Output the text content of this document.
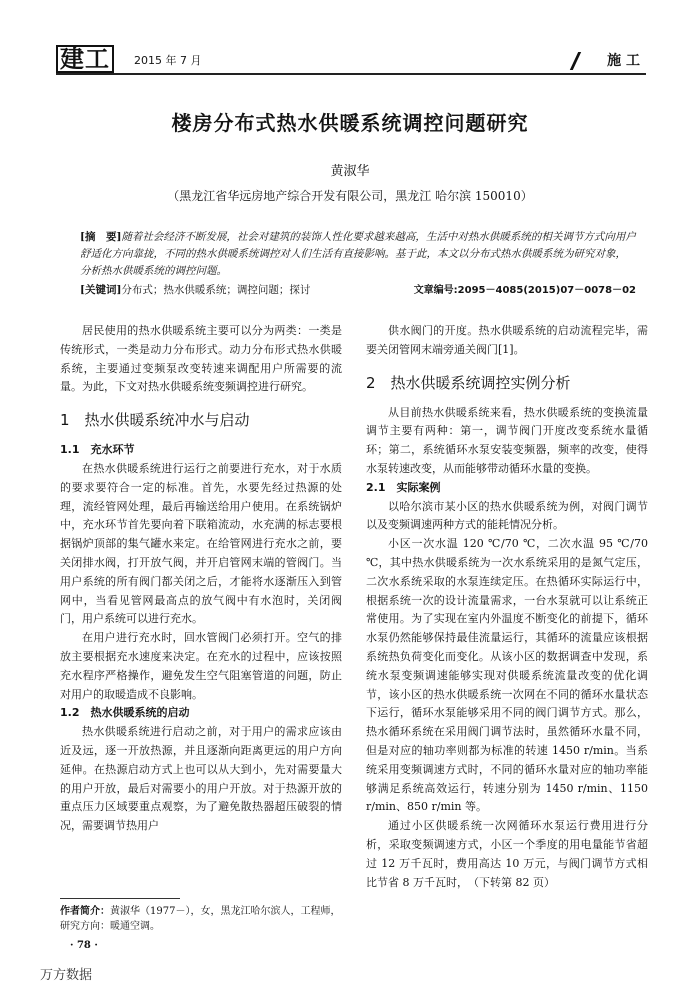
建工	2015 年 7 月	施 工
楼房分布式热水供暖系统调控问题研究
黄淑华
（黑龙江省华远房地产综合开发有限公司，黑龙江 哈尔滨 150010）
[摘　要]随着社会经济不断发展，社会对建筑的装饰人性化要求越来越高，生活中对热水供暖系统的相关调节方式向用户舒适化方向靠拢，不同的热水供暖系统调控对人们生活有直接影响。基于此，本文以分布式热水供暖系统为研究对象，分析热水供暖系统的调控问题。
[关键词]分布式；热水供暖系统；调控问题；探讨	文章编号:2095－4085(2015)07－0078－02

居民使用的热水供暖系统主要可以分为两类：一类是传统形式，一类是动力分布形式。动力分布形式热水供暖系统，主要通过变频泵改变转速来调配用户所需要的流量。为此，下文对热水供暖系统变频调控进行研究。

1　热水供暖系统冲水与启动
1.1　充水环节

在热水供暖系统进行运行之前要进行充水，对于水质的要求要符合一定的标准。首先，水要先经过热源的处理，流经管网处理，最后再输送给用户使用。在系统锅炉中，充水环节首先要向着下联箱流动，水充满的标志要根据锅炉顶部的集气罐水来定。在给管网进行充水之前，要关闭排水阀，打开放气阀，并开启管网末端的管阀门。当用户系统的所有阀门都关闭之后，才能将水逐渐压入到管网中，当看见管网最高点的放气阀中有水泡时，关闭阀门，用户系统可以进行充水。

在用户进行充水时，回水管阀门必须打开。空气的排放主要根据充水速度来决定。在充水的过程中，应该按照充水程序严格操作，避免发生空气阻塞管道的问题，防止对用户的取暖造成不良影响。

1.2　热水供暖系统的启动

热水供暖系统进行启动之前，对于用户的需求应该由近及远，逐一开放热源，并且逐渐向距离更远的用户方向延伸。在热源启动方式上也可以从大到小，先对需要量大的用户开放，最后对需要小的用户开放。对于热源开放的重点压力区域要重点观察，为了避免散热器超压破裂的情况，需要调节热用户

供水阀门的开度。热水供暖系统的启动流程完毕，需要关闭管网末端旁通关阀门[1]。

2　热水供暖系统调控实例分析

从目前热水供暖系统来看，热水供暖系统的变换流量调节主要有两种：第一，调节阀门开度改变系统水量循环；第二，系统循环水泵安装变频器，频率的改变，使得水泵转速改变，从而能够带动循环水量的变换。

2.1　实际案例

以哈尔滨市某小区的热水供暖系统为例，对阀门调节以及变频调速两种方式的能耗情况分析。

小区一次水温 120 ℃/70 ℃，二次水温 95 ℃/70 ℃，其中热水供暖系统为一次水系统采用的是氮气定压，二次水系统采取的水泵连续定压。在热循环实际运行中，根据系统一次的设计流量需求，一台水泵就可以让系统正常使用。为了实现在室内外温度不断变化的前提下，循环水泵仍然能够保持最佳流量运行，其循环的流量应该根据系统热负荷变化而变化。从该小区的数据调查中发现，系统水泵变频调速能够实现对供暖系统流量改变的优化调节，该小区的热水供暖系统一次网在不同的循环水量状态下运行，循环水泵能够采用不同的阀门调节方式。那么，热水循环系统在采用阀门调节法时，虽然循环水量不同，但是对应的轴功率则都为标准的转速 1450 r/min。当系统采用变频调速方式时，不同的循环水量对应的轴功率能够满足系统高效运行，转速分别为 1450 r/min、1150 r/min、850 r/min 等。

通过小区供暖系统一次网循环水泵运行费用进行分析，采取变频调速方式，小区一个季度的用电量能节省超过 12 万千瓦时，费用高达 10 万元，与阀门调节方式相比节省 8 万千瓦时，　（下转第 82 页）

作者简介：黄淑华（1977－），女，黑龙江哈尔滨人，工程师，研究方向：暖通空调。
· 78 ·
万方数据
